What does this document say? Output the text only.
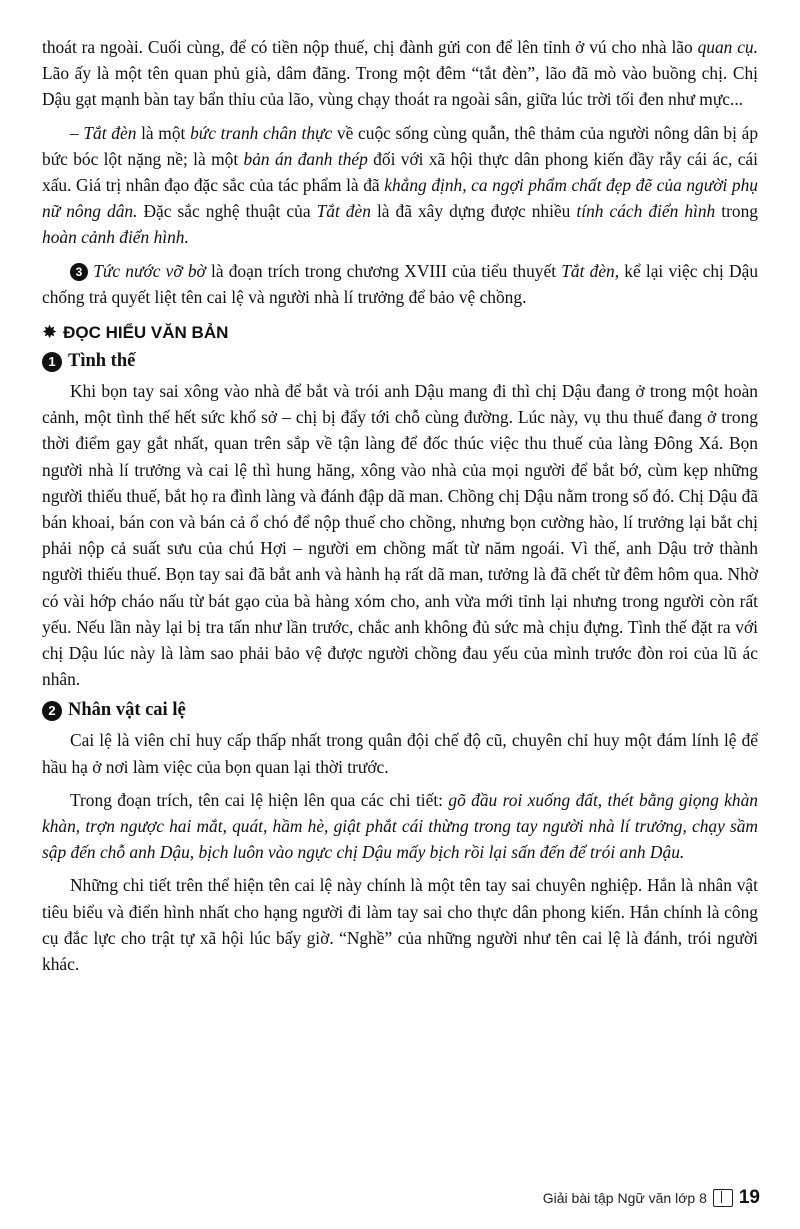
thoát ra ngoài. Cuối cùng, để có tiền nộp thuế, chị đành gửi con để lên tỉnh ở vú cho nhà lão quan cụ. Lão ấy là một tên quan phủ già, dâm đãng. Trong một đêm “tắt đèn”, lão đã mò vào buồng chị. Chị Dậu gạt mạnh bàn tay bẩn thỉu của lão, vùng chạy thoát ra ngoài sân, giữa lúc trời tối đen như mực...

– Tắt đèn là một bức tranh chân thực về cuộc sống cùng quẫn, thê thảm của người nông dân bị áp bức bóc lột nặng nề; là một bản án đanh thép đối với xã hội thực dân phong kiến đầy rẫy cái ác, cái xấu. Giá trị nhân đạo đặc sắc của tác phẩm là đã khẳng định, ca ngợi phẩm chất đẹp đẽ của người phụ nữ nông dân. Đặc sắc nghệ thuật của Tắt đèn là đã xây dựng được nhiều tính cách điển hình trong hoàn cảnh điển hình.

3 Tức nước vỡ bờ là đoạn trích trong chương XVIII của tiểu thuyết Tắt đèn, kể lại việc chị Dậu chống trả quyết liệt tên cai lệ và người nhà lí trưởng để bảo vệ chồng.

✸ ĐỌC HIỂU VĂN BẢN
1 Tình thế

Khi bọn tay sai xông vào nhà để bắt và trói anh Dậu mang đi thì chị Dậu đang ở trong một hoàn cảnh, một tình thế hết sức khổ sở – chị bị đẩy tới chỗ cùng đường. Lúc này, vụ thu thuế đang ở trong thời điểm gay gắt nhất, quan trên sắp về tận làng để đốc thúc việc thu thuế của làng Đông Xá. Bọn người nhà lí trưởng và cai lệ thì hung hăng, xông vào nhà của mọi người để bắt bớ, cùm kẹp những người thiếu thuế, bắt họ ra đình làng và đánh đập dã man. Chồng chị Dậu nằm trong số đó. Chị Dậu đã bán khoai, bán con và bán cả ổ chó để nộp thuế cho chồng, nhưng bọn cường hào, lí trưởng lại bắt chị phải nộp cả suất sưu của chú Hợi – người em chồng mất từ năm ngoái. Vì thế, anh Dậu trở thành người thiếu thuế. Bọn tay sai đã bắt anh và hành hạ rất dã man, tưởng là đã chết từ đêm hôm qua. Nhờ có vài hớp cháo nấu từ bát gạo của bà hàng xóm cho, anh vừa mới tỉnh lại nhưng trong người còn rất yếu. Nếu lần này lại bị tra tấn như lần trước, chắc anh không đủ sức mà chịu đựng. Tình thế đặt ra với chị Dậu lúc này là làm sao phải bảo vệ được người chồng đau yếu của mình trước đòn roi của lũ ác nhân.

2 Nhân vật cai lệ

Cai lệ là viên chỉ huy cấp thấp nhất trong quân đội chế độ cũ, chuyên chỉ huy một đám lính lệ để hầu hạ ở nơi làm việc của bọn quan lại thời trước.

Trong đoạn trích, tên cai lệ hiện lên qua các chi tiết: gõ đầu roi xuống đất, thét bằng giọng khàn khàn, trợn ngược hai mắt, quát, hầm hè, giật phắt cái thừng trong tay người nhà lí trưởng, chạy sầm sập đến chỗ anh Dậu, bịch luôn vào ngực chị Dậu mấy bịch rồi lại sấn đến để trói anh Dậu.

Những chi tiết trên thể hiện tên cai lệ này chính là một tên tay sai chuyên nghiệp. Hắn là nhân vật tiêu biểu và điển hình nhất cho hạng người đi làm tay sai cho thực dân phong kiến. Hắn chính là công cụ đắc lực cho trật tự xã hội lúc bấy giờ. “Nghề” của những người như tên cai lệ là đánh, trói người khác.

Giải bài tập Ngữ văn lớp 8 19
